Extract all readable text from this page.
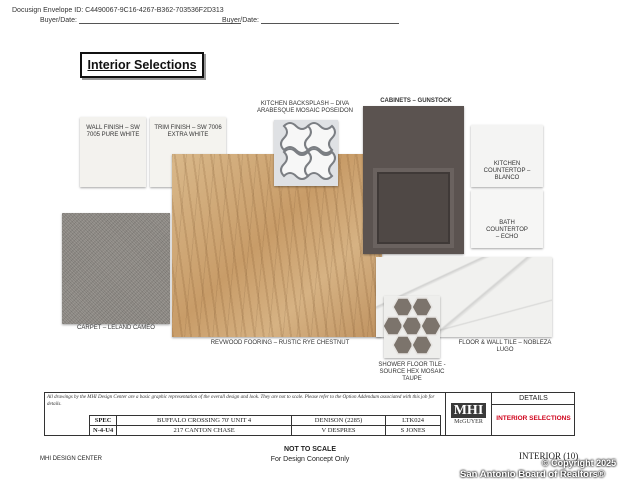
Docusign Envelope ID: C4490067-9C16-4267-B362-703536F2D313
Buyer/Date:	Buyer/Date:
Interior Selections
WALL FINISH – SW 7005 PURE WHITE
TRIM FINISH – SW 7006 EXTRA WHITE
REVWOOD FOORING – RUSTIC RYE CHESTNUT
CARPET – LELAND CAMEO
KITCHEN BACKSPLASH – DIVA ARABESQUE MOSAIC POSEIDON
CABINETS – GUNSTOCK
KITCHEN COUNTERTOP – BLANCO
BATH COUNTERTOP – ECHO
FLOOR & WALL TILE – NOBLEZA LUGO
SHOWER FLOOR TILE - SOURCE HEX MOSAIC TAUPE
All drawings by the MHI Design Center are a basic graphic representation of the overall design and look. They are not to scale. Please refer to the Option Addendum associated with this job for details.
SPEC	BUFFALO CROSSING 70' UNIT 4	DENISON (2285)	LTK024
N-4-U4	217 CANTON CHASE	V DESPRES	S JONES
MHI
McGUYER
DETAILS
INTERIOR SELECTIONS
NOT TO SCALE
For Design Concept Only
MHI DESIGN CENTER	INTERIOR (10)
© Copyright 2025
San Antonio Board of Realtors®
